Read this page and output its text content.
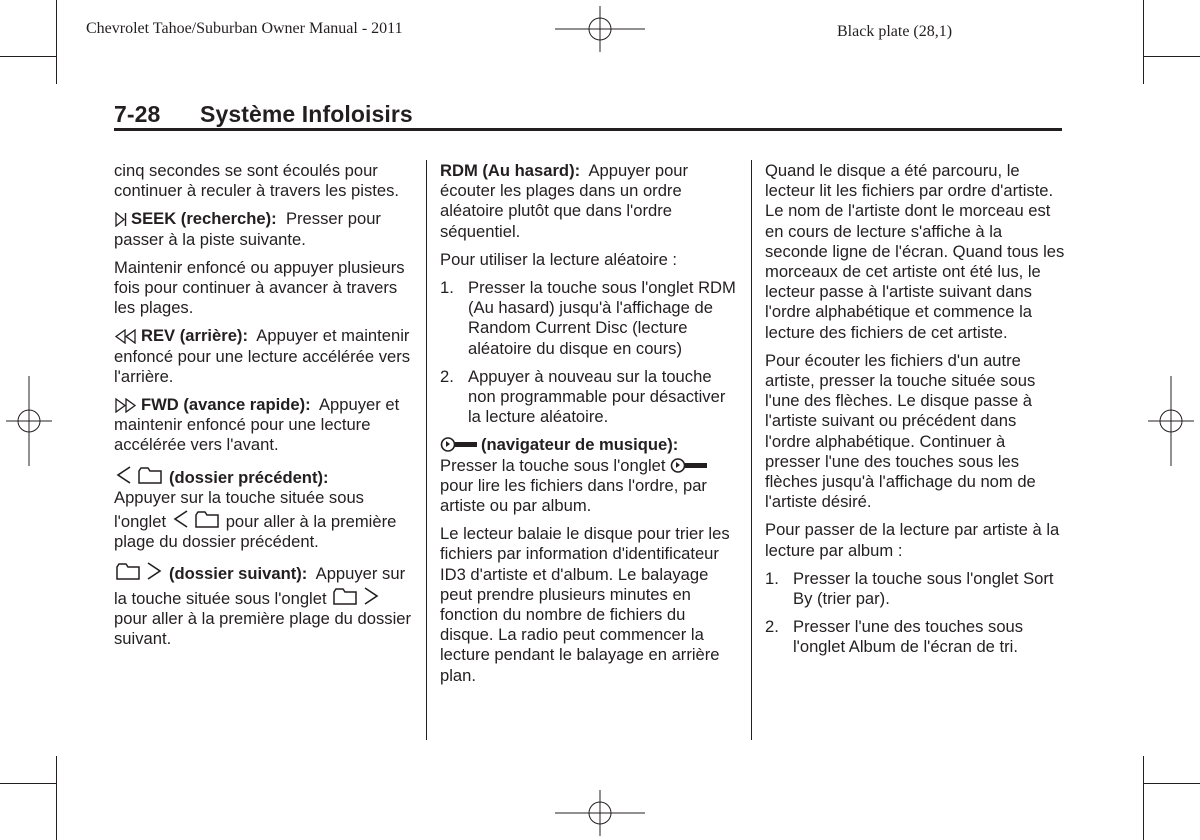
Chevrolet Tahoe/Suburban Owner Manual - 2011	Black plate (28,1)
7-28 Système Infoloisirs

cinq secondes se sont écoulés pour continuer à reculer à travers les pistes.

SEEK (recherche): Presser pour passer à la piste suivante.

Maintenir enfoncé ou appuyer plusieurs fois pour continuer à avancer à travers les plages.

REV (arrière): Appuyer et maintenir enfoncé pour une lecture accélérée vers l'arrière.

FWD (avance rapide): Appuyer et maintenir enfoncé pour une lecture accélérée vers l'avant.

(dossier précédent):
Appuyer sur la touche située sous l'onglet	pour aller à la première plage du dossier précédent.

(dossier suivant): Appuyer sur la touche située sous l'onglet
pour aller à la première plage du dossier suivant.

RDM (Au hasard): Appuyer pour écouter les plages dans un ordre aléatoire plutôt que dans l'ordre séquentiel.

Pour utiliser la lecture aléatoire :

1. Presser la touche sous l'onglet RDM (Au hasard) jusqu'à l'affichage de Random Current Disc (lecture aléatoire du disque en cours)
2. Appuyer à nouveau sur la touche non programmable pour désactiver la lecture aléatoire.

(navigateur de musique):
Presser la touche sous l'onglet
pour lire les fichiers dans l'ordre, par artiste ou par album.

Le lecteur balaie le disque pour trier les fichiers par information d'identificateur ID3 d'artiste et d'album. Le balayage peut prendre plusieurs minutes en fonction du nombre de fichiers du disque. La radio peut commencer la lecture pendant le balayage en arrière plan.

Quand le disque a été parcouru, le lecteur lit les fichiers par ordre d'artiste. Le nom de l'artiste dont le morceau est en cours de lecture s'affiche à la seconde ligne de l'écran. Quand tous les morceaux de cet artiste ont été lus, le lecteur passe à l'artiste suivant dans l'ordre alphabétique et commence la lecture des fichiers de cet artiste.

Pour écouter les fichiers d'un autre artiste, presser la touche située sous l'une des flèches. Le disque passe à l'artiste suivant ou précédent dans l'ordre alphabétique. Continuer à presser l'une des touches sous les flèches jusqu'à l'affichage du nom de l'artiste désiré.

Pour passer de la lecture par artiste à la lecture par album :

1. Presser la touche sous l'onglet Sort By (trier par).
2. Presser l'une des touches sous l'onglet Album de l'écran de tri.
